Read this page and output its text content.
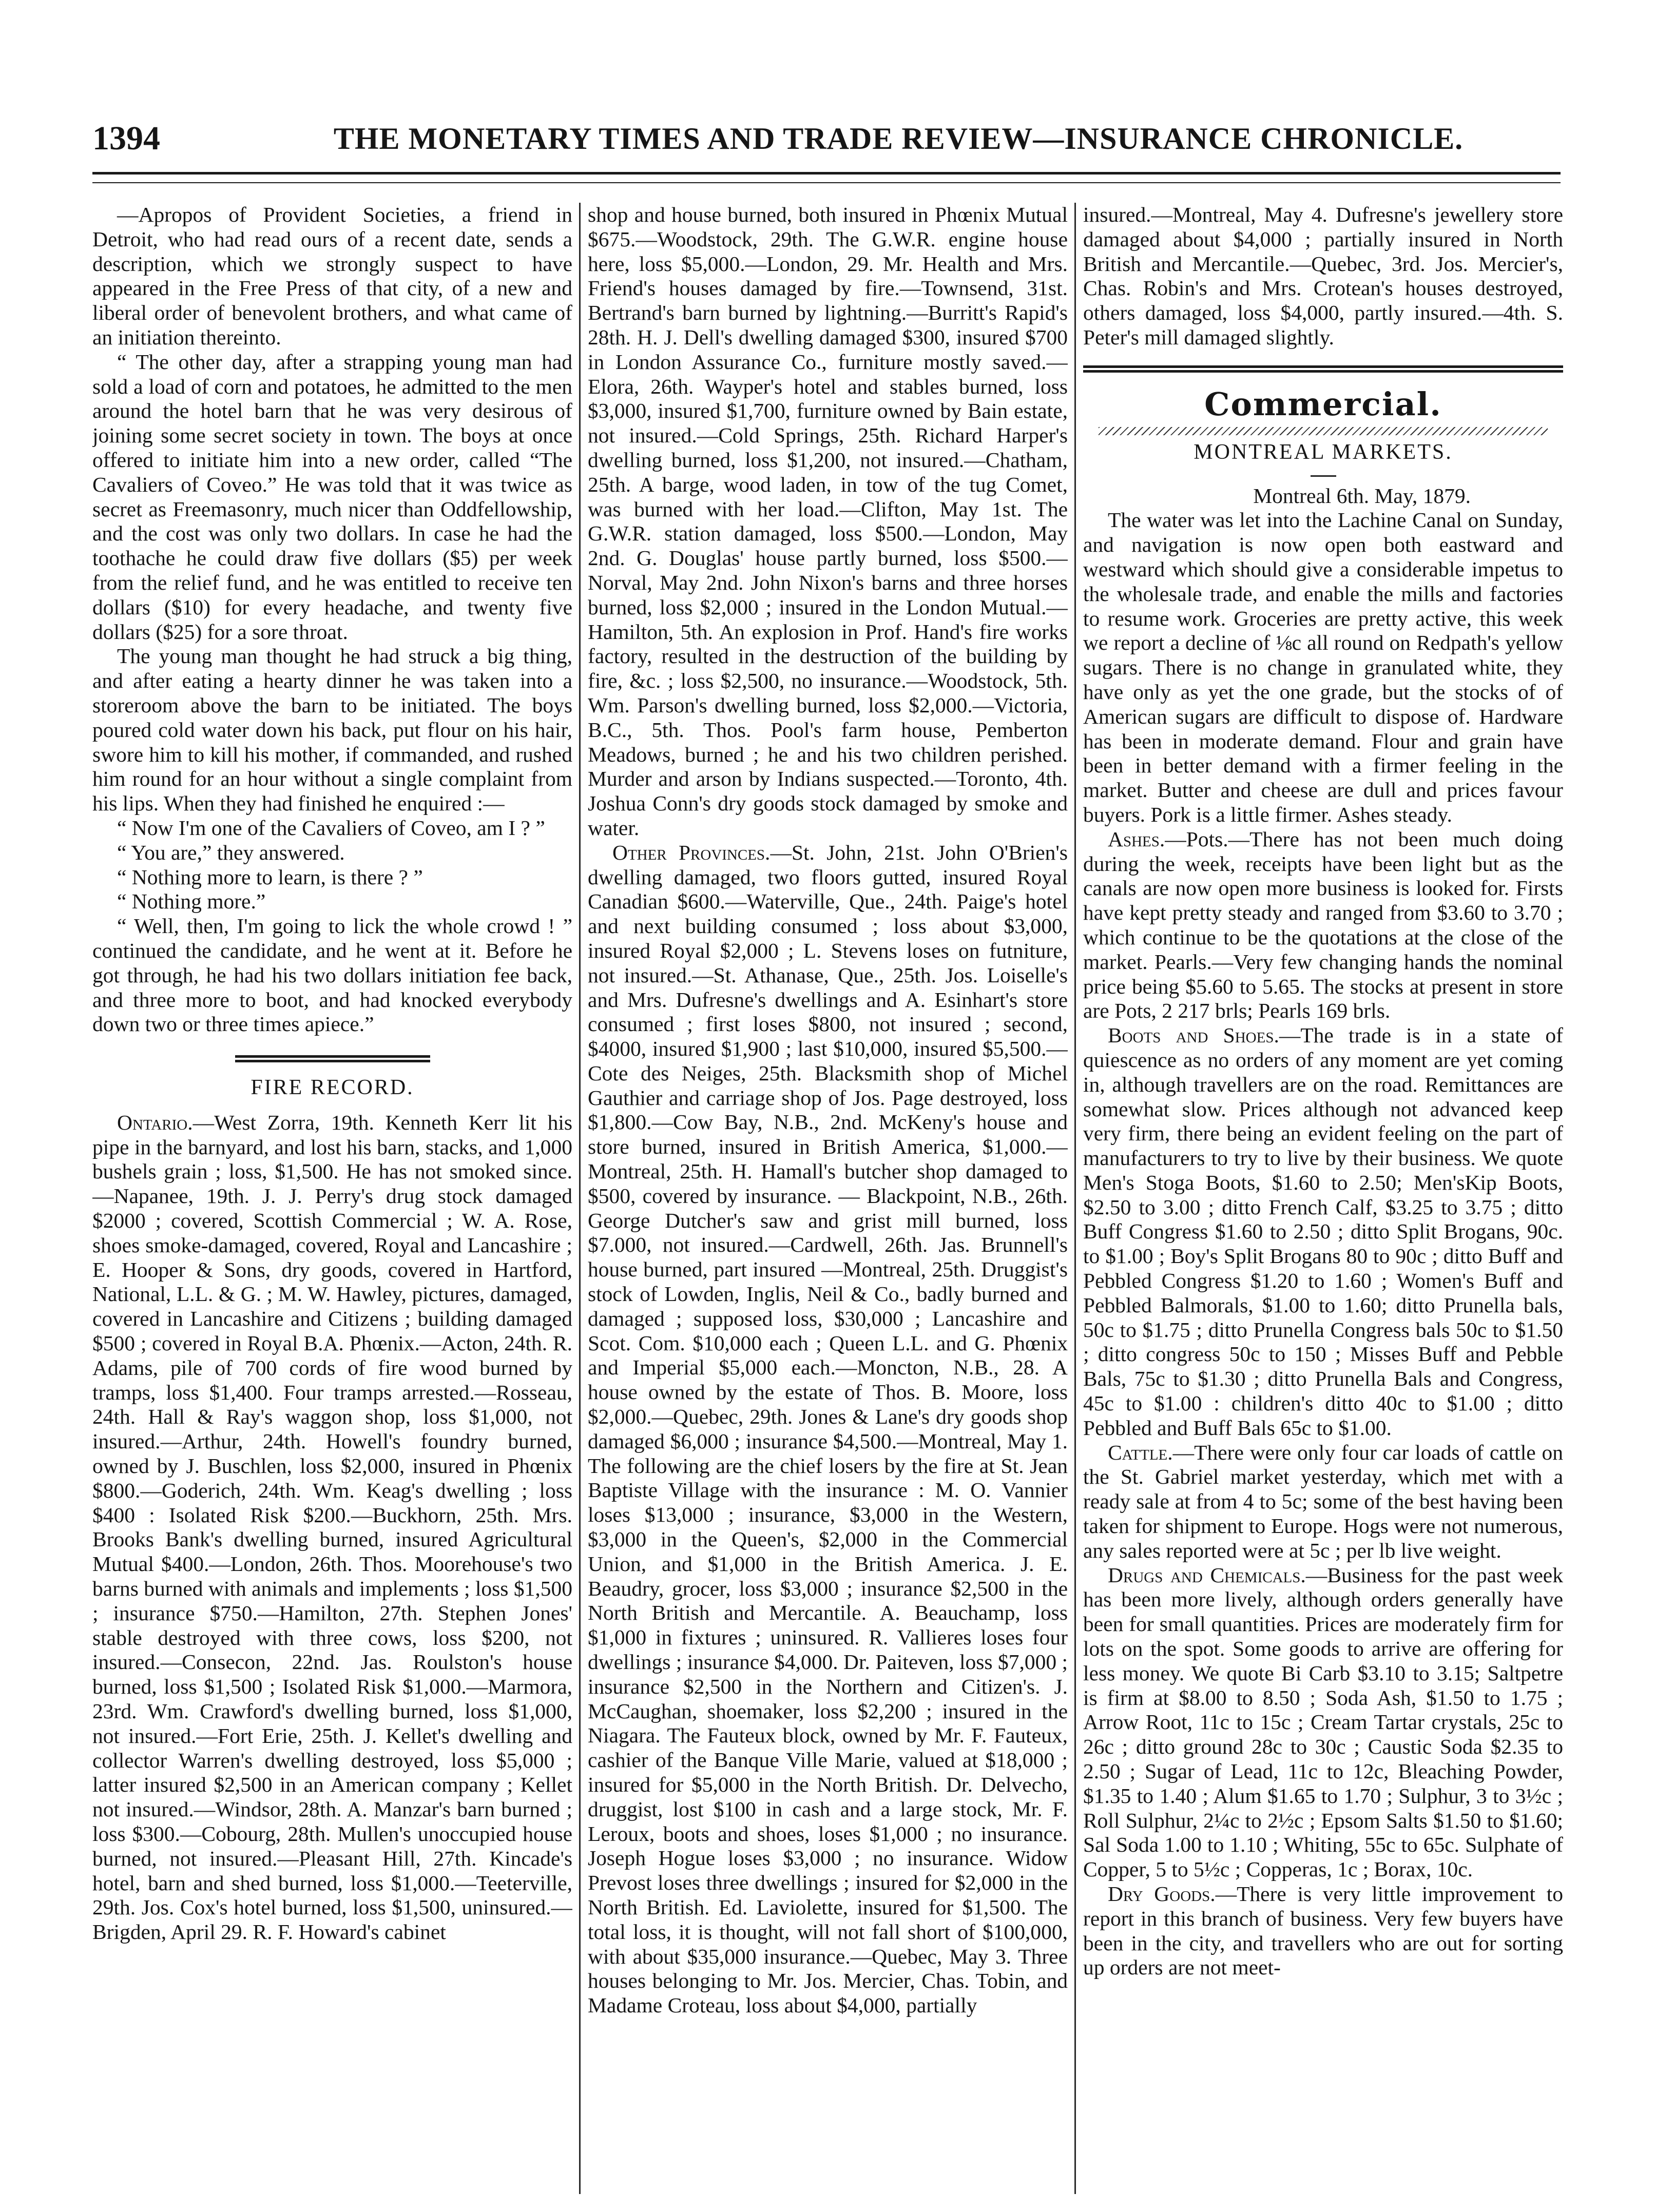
1394	THE MONETARY TIMES AND TRADE REVIEW—INSURANCE CHRONICLE.

—Apropos of Provident Societies, a friend in Detroit, who had read ours of a recent date, sends a description, which we strongly suspect to have appeared in the Free Press of that city, of a new and liberal order of benevolent brothers, and what came of an initiation thereinto.

“ The other day, after a strapping young man had sold a load of corn and potatoes, he admitted to the men around the hotel barn that he was very desirous of joining some secret society in town. The boys at once offered to initiate him into a new order, called “The Cavaliers of Coveo.” He was told that it was twice as secret as Freemasonry, much nicer than Oddfellowship, and the cost was only two dollars. In case he had the toothache he could draw five dollars ($5) per week from the relief fund, and he was entitled to receive ten dollars ($10) for every headache, and twenty five dollars ($25) for a sore throat.

The young man thought he had struck a big thing, and after eating a hearty dinner he was taken into a storeroom above the barn to be initiated. The boys poured cold water down his back, put flour on his hair, swore him to kill his mother, if commanded, and rushed him round for an hour without a single complaint from his lips. When they had finished he enquired :—

“ Now I'm one of the Cavaliers of Coveo, am I ? ”

“ You are,” they answered.

“ Nothing more to learn, is there ? ”

“ Nothing more.”

“ Well, then, I'm going to lick the whole crowd ! ” continued the candidate, and he went at it. Before he got through, he had his two dollars initiation fee back, and three more to boot, and had knocked everybody down two or three times apiece.”

FIRE RECORD.

Ontario.—West Zorra, 19th. Kenneth Kerr lit his pipe in the barnyard, and lost his barn, stacks, and 1,000 bushels grain ; loss, $1,500. He has not smoked since.—Napanee, 19th. J. J. Perry's drug stock damaged $2000 ; covered, Scottish Commercial ; W. A. Rose, shoes smoke-damaged, covered, Royal and Lancashire ; E. Hooper & Sons, dry goods, covered in Hartford, National, L.L. & G. ; M. W. Hawley, pictures, damaged, covered in Lancashire and Citizens ; building damaged $500 ; covered in Royal B.A. Phœnix.—Acton, 24th. R. Adams, pile of 700 cords of fire wood burned by tramps, loss $1,400. Four tramps arrested.—Rosseau, 24th. Hall & Ray's waggon shop, loss $1,000, not insured.—Arthur, 24th. Howell's foundry burned, owned by J. Buschlen, loss $2,000, insured in Phœnix $800.—Goderich, 24th. Wm. Keag's dwelling ; loss $400 : Isolated Risk $200.—Buckhorn, 25th. Mrs. Brooks Bank's dwelling burned, insured Agricultural Mutual $400.—London, 26th. Thos. Moorehouse's two barns burned with animals and implements ; loss $1,500 ; insurance $750.—Hamilton, 27th. Stephen Jones' stable destroyed with three cows, loss $200, not insured.—Consecon, 22nd. Jas. Roulston's house burned, loss $1,500 ; Isolated Risk $1,000.—Marmora, 23rd. Wm. Crawford's dwelling burned, loss $1,000, not insured.—Fort Erie, 25th. J. Kellet's dwelling and collector Warren's dwelling destroyed, loss $5,000 ; latter insured $2,500 in an American company ; Kellet not insured.—Windsor, 28th. A. Manzar's barn burned ; loss $300.—Cobourg, 28th. Mullen's unoccupied house burned, not insured.—Pleasant Hill, 27th. Kincade's hotel, barn and shed burned, loss $1,000.—Teeterville, 29th. Jos. Cox's hotel burned, loss $1,500, uninsured.—Brigden, April 29. R. F. Howard's cabinet

shop and house burned, both insured in Phœnix Mutual $675.—Woodstock, 29th. The G.W.R. engine house here, loss $5,000.—London, 29. Mr. Health and Mrs. Friend's houses damaged by fire.—Townsend, 31st. Bertrand's barn burned by lightning.—Burritt's Rapid's 28th. H. J. Dell's dwelling damaged $300, insured $700 in London Assurance Co., furniture mostly saved.—Elora, 26th. Wayper's hotel and stables burned, loss $3,000, insured $1,700, furniture owned by Bain estate, not insured.—Cold Springs, 25th. Richard Harper's dwelling burned, loss $1,200, not insured.—Chatham, 25th. A barge, wood laden, in tow of the tug Comet, was burned with her load.—Clifton, May 1st. The G.W.R. station damaged, loss $500.—London, May 2nd. G. Douglas' house partly burned, loss $500.—Norval, May 2nd. John Nixon's barns and three horses burned, loss $2,000 ; insured in the London Mutual.—Hamilton, 5th. An explosion in Prof. Hand's fire works factory, resulted in the destruction of the building by fire, &c. ; loss $2,500, no insurance.—Woodstock, 5th. Wm. Parson's dwelling burned, loss $2,000.—Victoria, B.C., 5th. Thos. Pool's farm house, Pemberton Meadows, burned ; he and his two children perished. Murder and arson by Indians suspected.—Toronto, 4th. Joshua Conn's dry goods stock damaged by smoke and water.

Other Provinces.—St. John, 21st. John O'Brien's dwelling damaged, two floors gutted, insured Royal Canadian $600.—Waterville, Que., 24th. Paige's hotel and next building consumed ; loss about $3,000, insured Royal $2,000 ; L. Stevens loses on futniture, not insured.—St. Athanase, Que., 25th. Jos. Loiselle's and Mrs. Dufresne's dwellings and A. Esinhart's store consumed ; first loses $800, not insured ; second, $4000, insured $1,900 ; last $10,000, insured $5,500.—Cote des Neiges, 25th. Blacksmith shop of Michel Gauthier and carriage shop of Jos. Page destroyed, loss $1,800.—Cow Bay, N.B., 2nd. McKeny's house and store burned, insured in British America, $1,000.—Montreal, 25th. H. Hamall's butcher shop damaged to $500, covered by insurance. — Blackpoint, N.B., 26th. George Dutcher's saw and grist mill burned, loss $7.000, not insured.—Cardwell, 26th. Jas. Brunnell's house burned, part insured —Montreal, 25th. Druggist's stock of Lowden, Inglis, Neil & Co., badly burned and damaged ; supposed loss, $30,000 ; Lancashire and Scot. Com. $10,000 each ; Queen L.L. and G. Phœnix and Imperial $5,000 each.—Moncton, N.B., 28. A house owned by the estate of Thos. B. Moore, loss $2,000.—Quebec, 29th. Jones & Lane's dry goods shop damaged $6,000 ; insurance $4,500.—Montreal, May 1. The following are the chief losers by the fire at St. Jean Baptiste Village with the insurance : M. O. Vannier loses $13,000 ; insurance, $3,000 in the Western, $3,000 in the Queen's, $2,000 in the Commercial Union, and $1,000 in the British America. J. E. Beaudry, grocer, loss $3,000 ; insurance $2,500 in the North British and Mercantile. A. Beauchamp, loss $1,000 in fixtures ; uninsured. R. Vallieres loses four dwellings ; insurance $4,000. Dr. Paiteven, loss $7,000 ; insurance $2,500 in the Northern and Citizen's. J. McCaughan, shoemaker, loss $2,200 ; insured in the Niagara. The Fauteux block, owned by Mr. F. Fauteux, cashier of the Banque Ville Marie, valued at $18,000 ; insured for $5,000 in the North British. Dr. Delvecho, druggist, lost $100 in cash and a large stock, Mr. F. Leroux, boots and shoes, loses $1,000 ; no insurance. Joseph Hogue loses $3,000 ; no insurance. Widow Prevost loses three dwellings ; insured for $2,000 in the North British. Ed. Laviolette, insured for $1,500. The total loss, it is thought, will not fall short of $100,000, with about $35,000 insurance.—Quebec, May 3. Three houses belonging to Mr. Jos. Mercier, Chas. Tobin, and Madame Croteau, loss about $4,000, partially

insured.—Montreal, May 4. Dufresne's jewellery store damaged about $4,000 ; partially insured in North British and Mercantile.—Quebec, 3rd. Jos. Mercier's, Chas. Robin's and Mrs. Crotean's houses destroyed, others damaged, loss $4,000, partly insured.—4th. S. Peter's mill damaged slightly.

Commercial.
MONTREAL MARKETS.

Montreal 6th. May, 1879.

The water was let into the Lachine Canal on Sunday, and navigation is now open both eastward and westward which should give a considerable impetus to the wholesale trade, and enable the mills and factories to resume work. Groceries are pretty active, this week we report a decline of ⅛c all round on Redpath's yellow sugars. There is no change in granulated white, they have only as yet the one grade, but the stocks of of American sugars are difficult to dispose of. Hardware has been in moderate demand. Flour and grain have been in better demand with a firmer feeling in the market. Butter and cheese are dull and prices favour buyers. Pork is a little firmer. Ashes steady.

Ashes.—Pots.—There has not been much doing during the week, receipts have been light but as the canals are now open more business is looked for. Firsts have kept pretty steady and ranged from $3.60 to 3.70 ; which continue to be the quotations at the close of the market. Pearls.—Very few changing hands the nominal price being $5.60 to 5.65. The stocks at present in store are Pots, 2 217 brls; Pearls 169 brls.

Boots and Shoes.—The trade is in a state of quiescence as no orders of any moment are yet coming in, although travellers are on the road. Remittances are somewhat slow. Prices although not advanced keep very firm, there being an evident feeling on the part of manufacturers to try to live by their business. We quote Men's Stoga Boots, $1.60 to 2.50; Men'sKip Boots, $2.50 to 3.00 ; ditto French Calf, $3.25 to 3.75 ; ditto Buff Congress $1.60 to 2.50 ; ditto Split Brogans, 90c. to $1.00 ; Boy's Split Brogans 80 to 90c ; ditto Buff and Pebbled Congress $1.20 to 1.60 ; Women's Buff and Pebbled Balmorals, $1.00 to 1.60; ditto Prunella bals, 50c to $1.75 ; ditto Prunella Congress bals 50c to $1.50 ; ditto congress 50c to 150 ; Misses Buff and Pebble Bals, 75c to $1.30 ; ditto Prunella Bals and Congress, 45c to $1.00 : children's ditto 40c to $1.00 ; ditto Pebbled and Buff Bals 65c to $1.00.

Cattle.—There were only four car loads of cattle on the St. Gabriel market yesterday, which met with a ready sale at from 4 to 5c; some of the best having been taken for shipment to Europe. Hogs were not numerous, any sales reported were at 5c ; per lb live weight.

Drugs and Chemicals.—Business for the past week has been more lively, although orders generally have been for small quantities. Prices are moderately firm for lots on the spot. Some goods to arrive are offering for less money. We quote Bi Carb $3.10 to 3.15; Saltpetre is firm at $8.00 to 8.50 ; Soda Ash, $1.50 to 1.75 ; Arrow Root, 11c to 15c ; Cream Tartar crystals, 25c to 26c ; ditto ground 28c to 30c ; Caustic Soda $2.35 to 2.50 ; Sugar of Lead, 11c to 12c, Bleaching Powder, $1.35 to 1.40 ; Alum $1.65 to 1.70 ; Sulphur, 3 to 3½c ; Roll Sulphur, 2¼c to 2½c ; Epsom Salts $1.50 to $1.60; Sal Soda 1.00 to 1.10 ; Whiting, 55c to 65c. Sulphate of Copper, 5 to 5½c ; Copperas, 1c ; Borax, 10c.

Dry Goods.—There is very little improvement to report in this branch of business. Very few buyers have been in the city, and travellers who are out for sorting up orders are not meet-
